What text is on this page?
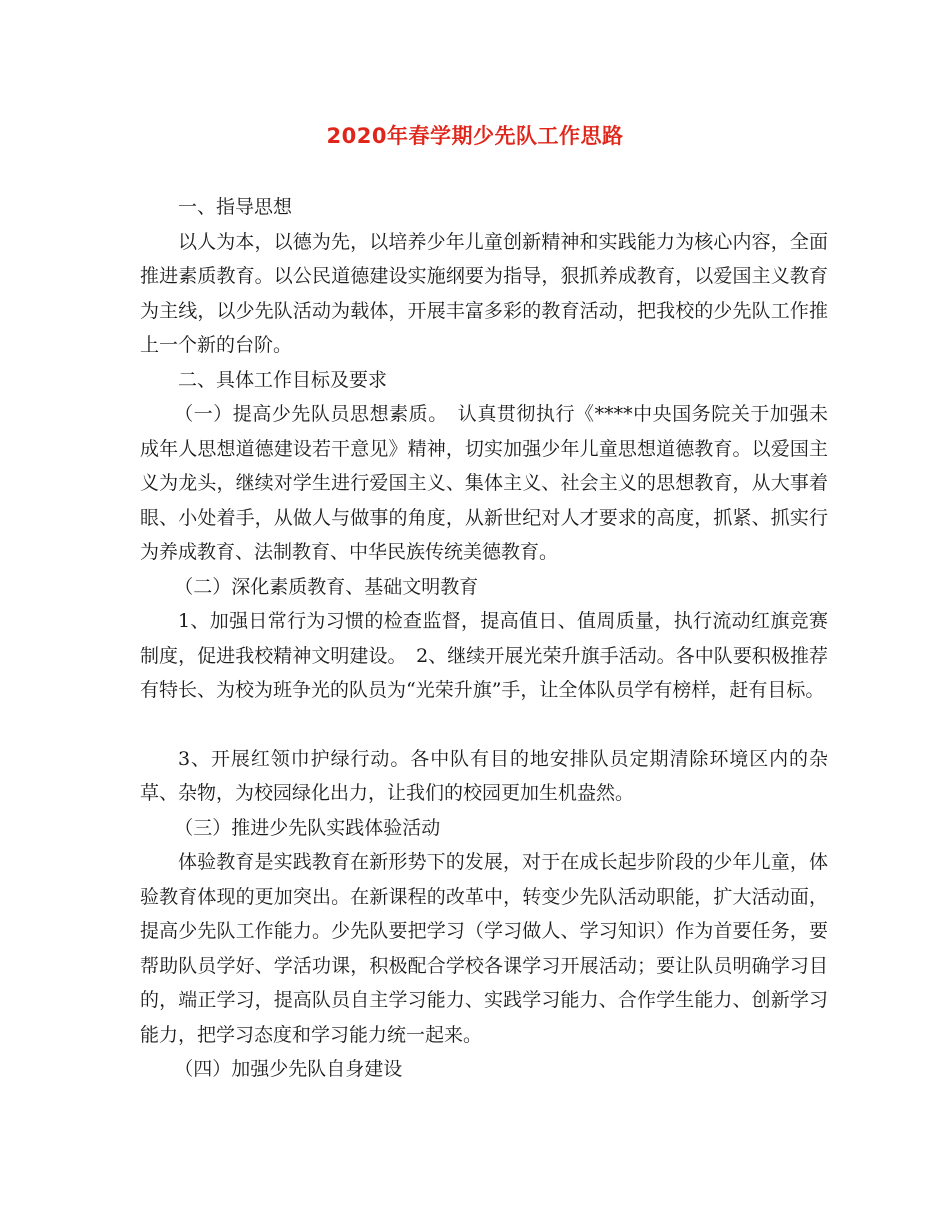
2020年春学期少先队工作思路

一、指导思想

以人为本，以德为先，以培养少年儿童创新精神和实践能力为核心内容，全面推进素质教育。以公民道德建设实施纲要为指导，狠抓养成教育，以爱国主义教育为主线，以少先队活动为载体，开展丰富多彩的教育活动，把我校的少先队工作推上一个新的台阶。

二、具体工作目标及要求

（一）提高少先队员思想素质。　认真贯彻执行《****中央国务院关于加强未成年人思想道德建设若干意见》精神，切实加强少年儿童思想道德教育。以爱国主义为龙头，继续对学生进行爱国主义、集体主义、社会主义的思想教育，从大事着眼、小处着手，从做人与做事的角度，从新世纪对人才要求的高度，抓紧、抓实行为养成教育、法制教育、中华民族传统美德教育。

（二）深化素质教育、基础文明教育

1、加强日常行为习惯的检查监督，提高值日、值周质量，执行流动红旗竞赛制度，促进我校精神文明建设。　2、继续开展光荣升旗手活动。各中队要积极推荐有特长、为校为班争光的队员为“光荣升旗”手，让全体队员学有榜样，赶有目标。

3、开展红领巾护绿行动。各中队有目的地安排队员定期清除环境区内的杂草、杂物，为校园绿化出力，让我们的校园更加生机盎然。

（三）推进少先队实践体验活动

体验教育是实践教育在新形势下的发展，对于在成长起步阶段的少年儿童，体验教育体现的更加突出。在新课程的改革中，转变少先队活动职能，扩大活动面，提高少先队工作能力。少先队要把学习（学习做人、学习知识）作为首要任务，要帮助队员学好、学活功课，积极配合学校各课学习开展活动；要让队员明确学习目的，端正学习，提高队员自主学习能力、实践学习能力、合作学生能力、创新学习能力，把学习态度和学习能力统一起来。

（四）加强少先队自身建设
